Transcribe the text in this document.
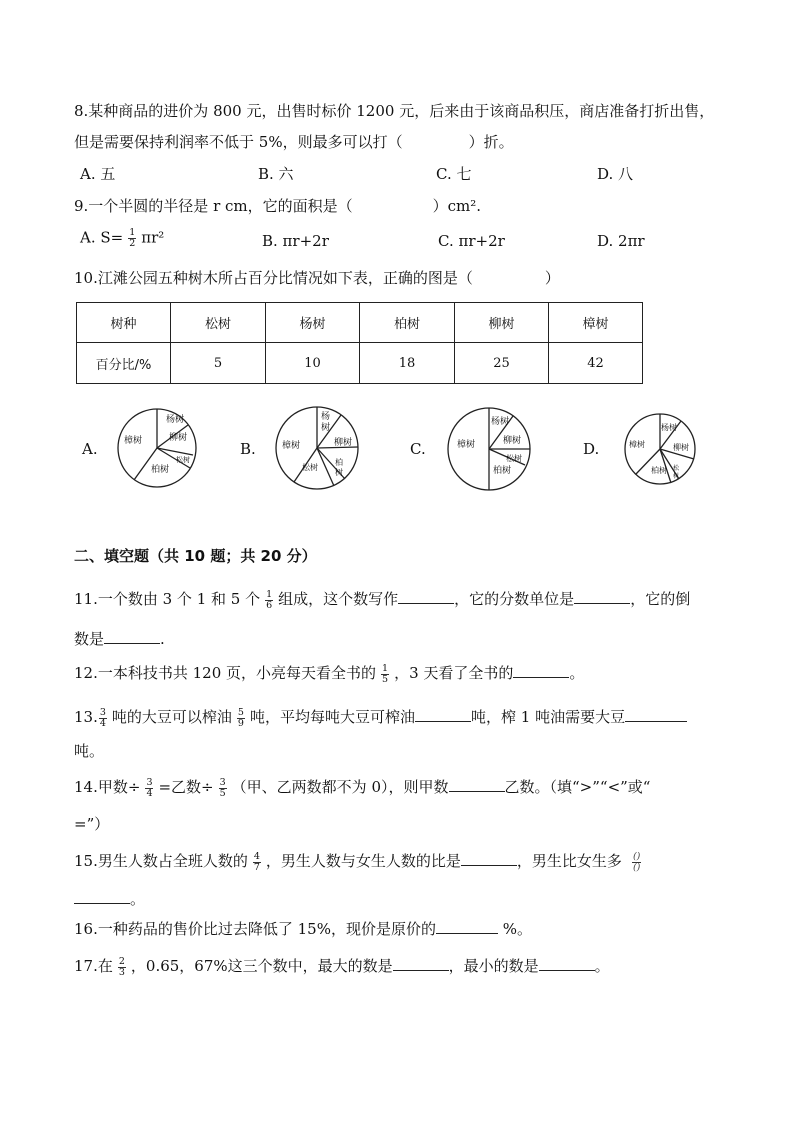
8.某种商品的进价为 800 元，出售时标价 1200 元，后来由于该商品积压，商店准备打折出售，
但是需要保持利润率不低于 5%，则最多可以打（	）折。
A. 五	B. 六	C. 七	D. 八
9.一个半圆的半径是 r cm，它的面积是（	）cm².
A. $S= \frac{1}{2} \pi r^2$	B. πr+2r	C. πr+2r	D. 2πr
10.江滩公园五种树木所占百分比情况如下表，正确的图是（	）
树种	松树	杨树	柏树	柳树	樟树
百分比/%	5	10	18	25	42
A.	B.	C.	D.
樟树
杨树
柳树
松树
柏树
樟树
杨
树
柳树
柏
树
松树
樟树
杨树
柳树
松树
柏树
樟树
杨树
柳树
柏树 松
树
二、填空题（共 10 题；共 20 分）
11.一个数由 3 个 1 和 5 个 $\frac{1}{6}$ 组成，这个数写作	，它的分数单位是	，它的倒
数是	.
12.一本科技书共 120 页，小亮每天看全书的 $\frac{1}{5}$ ，3 天看了全书的	。
13. $\frac{3}{4}$ 吨的大豆可以榨油 $\frac{5}{9}$ 吨，平均每吨大豆可榨油	吨，榨 1 吨油需要大豆
吨。
14.甲数÷ $\frac{3}{4}$ =乙数÷ $\frac{3}{5}$ （甲、乙两数都不为 0），则甲数	乙数。（填“>”“<”或“
=”）
15.男生人数占全班人数的 $\frac{4}{7}$ ，男生人数与女生人数的比是	，男生比女生多 $\frac{()}{()}$
。
16.一种药品的售价比过去降低了 15%，现价是原价的	%。
17.在 $\frac{2}{3}$ ，0.65，67%这三个数中，最大的数是	，最小的数是	。
